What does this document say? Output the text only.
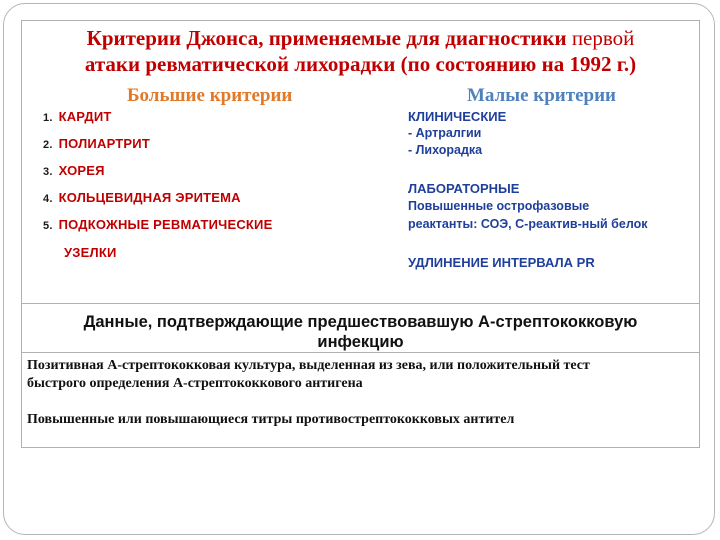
Критерии Джонса, применяемые для диагностики первой
атаки ревматической лихорадки (по состоянию на 1992 г.)
Большие критерии	Малые критерии
1. КАРДИТ
2. ПОЛИАРТРИТ
3. ХОРЕЯ
4. КОЛЬЦЕВИДНАЯ ЭРИТЕМА
5. ПОДКОЖНЫЕ РЕВМАТИЧЕСКИЕ
УЗЕЛКИ
КЛИНИЧЕСКИЕ
- Артралгии
- Лихорадка
ЛАБОРАТОРНЫЕ
Повышенные острофазовые
реактанты: СОЭ, С-реактив-ный белок
УДЛИНЕНИЕ ИНТЕРВАЛА PR
Данные, подтверждающие предшествовавшую А-стрептококковую
инфекцию
Позитивная А-стрептококковая культура, выделенная из зева, или положительный тест
быстрого определения А-стрептококкового антигена
Повышенные или повышающиеся титры противострептококковых антител
